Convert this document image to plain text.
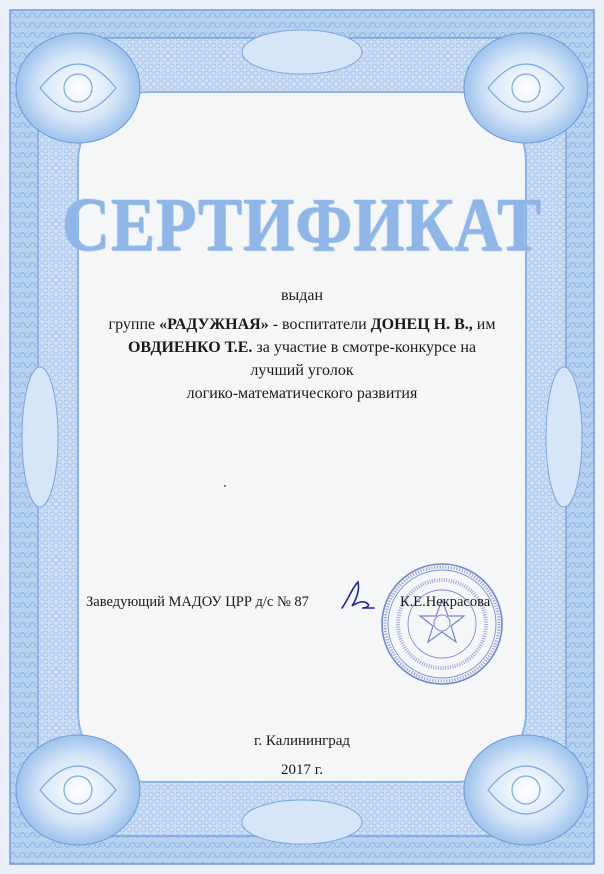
СЕРТИФИКАТ
выдан
группе «РАДУЖНАЯ» - воспитатели ДОНЕЦ Н. В., им
ОВДИЕНКО Т.Е. за участие в смотре-конкурсе на лучший уголок
логико-математического развития
Заведующий МАДОУ ЦРР д/с № 87	К.Е.Некрасова
г. Калининград
2017 г.
